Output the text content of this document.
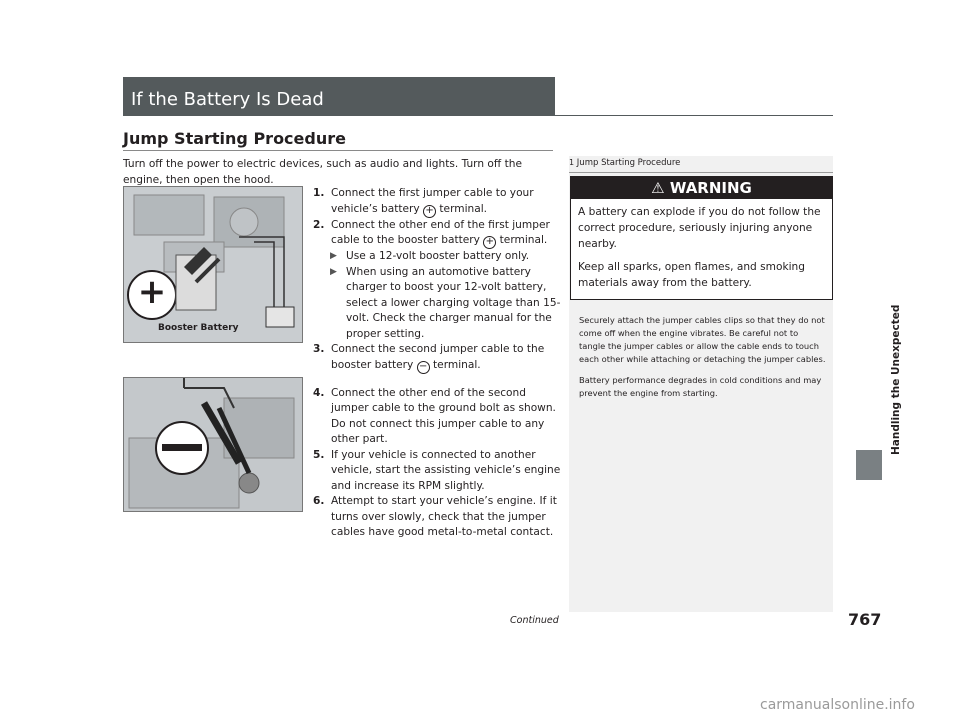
If the Battery Is Dead
Jump Starting Procedure
Turn off the power to electric devices, such as audio and lights. Turn off the engine, then open the hood.
+
Booster Battery

1. Connect the first jumper cable to your vehicle’s battery + terminal.

2. Connect the other end of the first jumper cable to the booster battery + terminal.

▶ Use a 12-volt booster battery only.

▶ When using an automotive battery charger to boost your 12-volt battery, select a lower charging voltage than 15-volt. Check the charger manual for the proper setting.

3. Connect the second jumper cable to the booster battery − terminal.

4. Connect the other end of the second jumper cable to the ground bolt as shown. Do not connect this jumper cable to any other part.

5. If your vehicle is connected to another vehicle, start the assisting vehicle’s engine and increase its RPM slightly.

6. Attempt to start your vehicle’s engine. If it turns over slowly, check that the jumper cables have good metal-to-metal contact.

1 Jump Starting Procedure
⚠ WARNING

A battery can explode if you do not follow the correct procedure, seriously injuring anyone nearby.

Keep all sparks, open flames, and smoking materials away from the battery.

Securely attach the jumper cables clips so that they do not come off when the engine vibrates. Be careful not to tangle the jumper cables or allow the cable ends to touch each other while attaching or detaching the jumper cables.

Battery performance degrades in cold conditions and may prevent the engine from starting.	Handling the Unexpected
Continued	767
carmanualsonline.info
